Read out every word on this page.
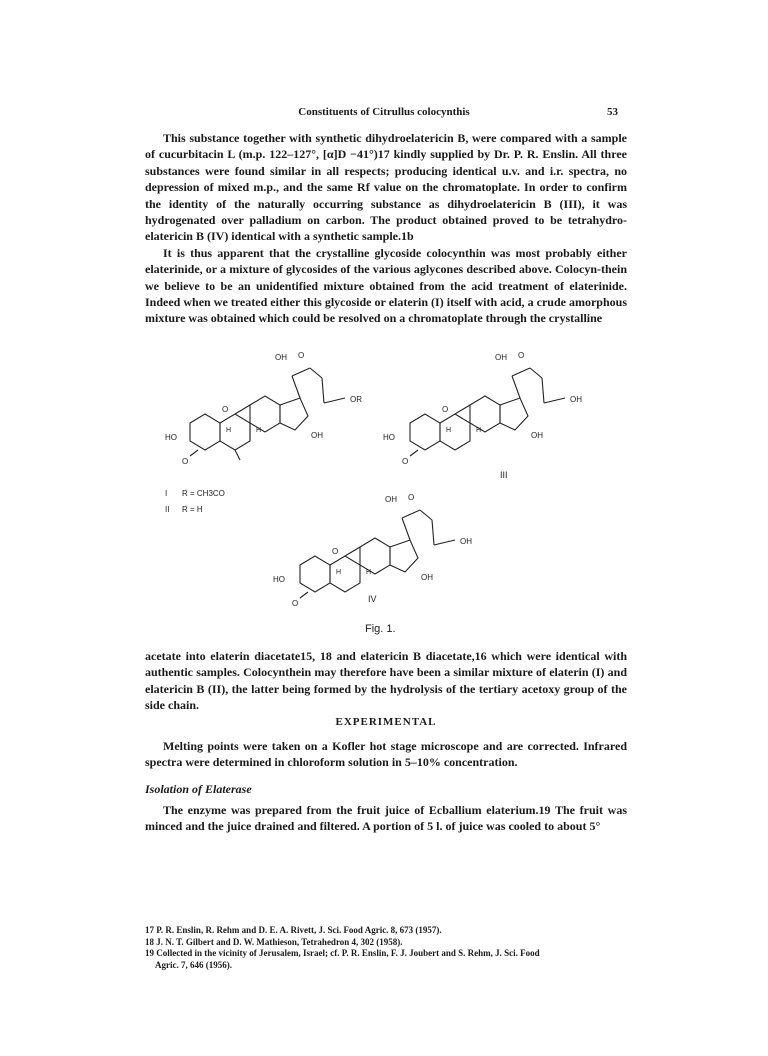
Constituents of Citrullus colocynthis	53

This substance together with synthetic dihydroelatericin B, were compared with a sample of cucurbitacin L (m.p. 122–127°, [α]D −41°)17 kindly supplied by Dr. P. R. Enslin. All three substances were found similar in all respects; producing identical u.v. and i.r. spectra, no depression of mixed m.p., and the same Rf value on the chromatoplate. In order to confirm the identity of the naturally occurring substance as dihydroelatericin B (III), it was hydrogenated over palladium on carbon. The product obtained proved to be tetrahydro-elatericin B (IV) identical with a synthetic sample.1b

It is thus apparent that the crystalline glycoside colocynthin was most probably either elaterinide, or a mixture of glycosides of the various aglycones described above. Colocyn-thein we believe to be an unidentified mixture obtained from the acid treatment of elaterinide. Indeed when we treated either this glycoside or elaterin (I) itself with acid, a crude amorphous mixture was obtained which could be resolved on a chromatoplate through the crystalline

OH O
HO
O
O
H	H
OH
OR
I R = CH3CO
II R = H
OH O
HO
O
O
H	H
OH
OH
III
OH O
HO
O
O
H	H
OH
OH
IV
Fig. 1.

acetate into elaterin diacetate15, 18 and elatericin B diacetate,16 which were identical with authentic samples. Colocynthein may therefore have been a similar mixture of elaterin (I) and elatericin B (II), the latter being formed by the hydrolysis of the tertiary acetoxy group of the side chain.

EXPERIMENTAL

Melting points were taken on a Kofler hot stage microscope and are corrected. Infrared spectra were determined in chloroform solution in 5–10% concentration.

Isolation of Elaterase

The enzyme was prepared from the fruit juice of Ecballium elaterium.19 The fruit was minced and the juice drained and filtered. A portion of 5 l. of juice was cooled to about 5°

17 P. R. Enslin, R. Rehm and D. E. A. Rivett, J. Sci. Food Agric. 8, 673 (1957).
18 J. N. T. Gilbert and D. W. Mathieson, Tetrahedron 4, 302 (1958).
19 Collected in the vicinity of Jerusalem, Israel; cf. P. R. Enslin, F. J. Joubert and S. Rehm, J. Sci. Food
Agric. 7, 646 (1956).
